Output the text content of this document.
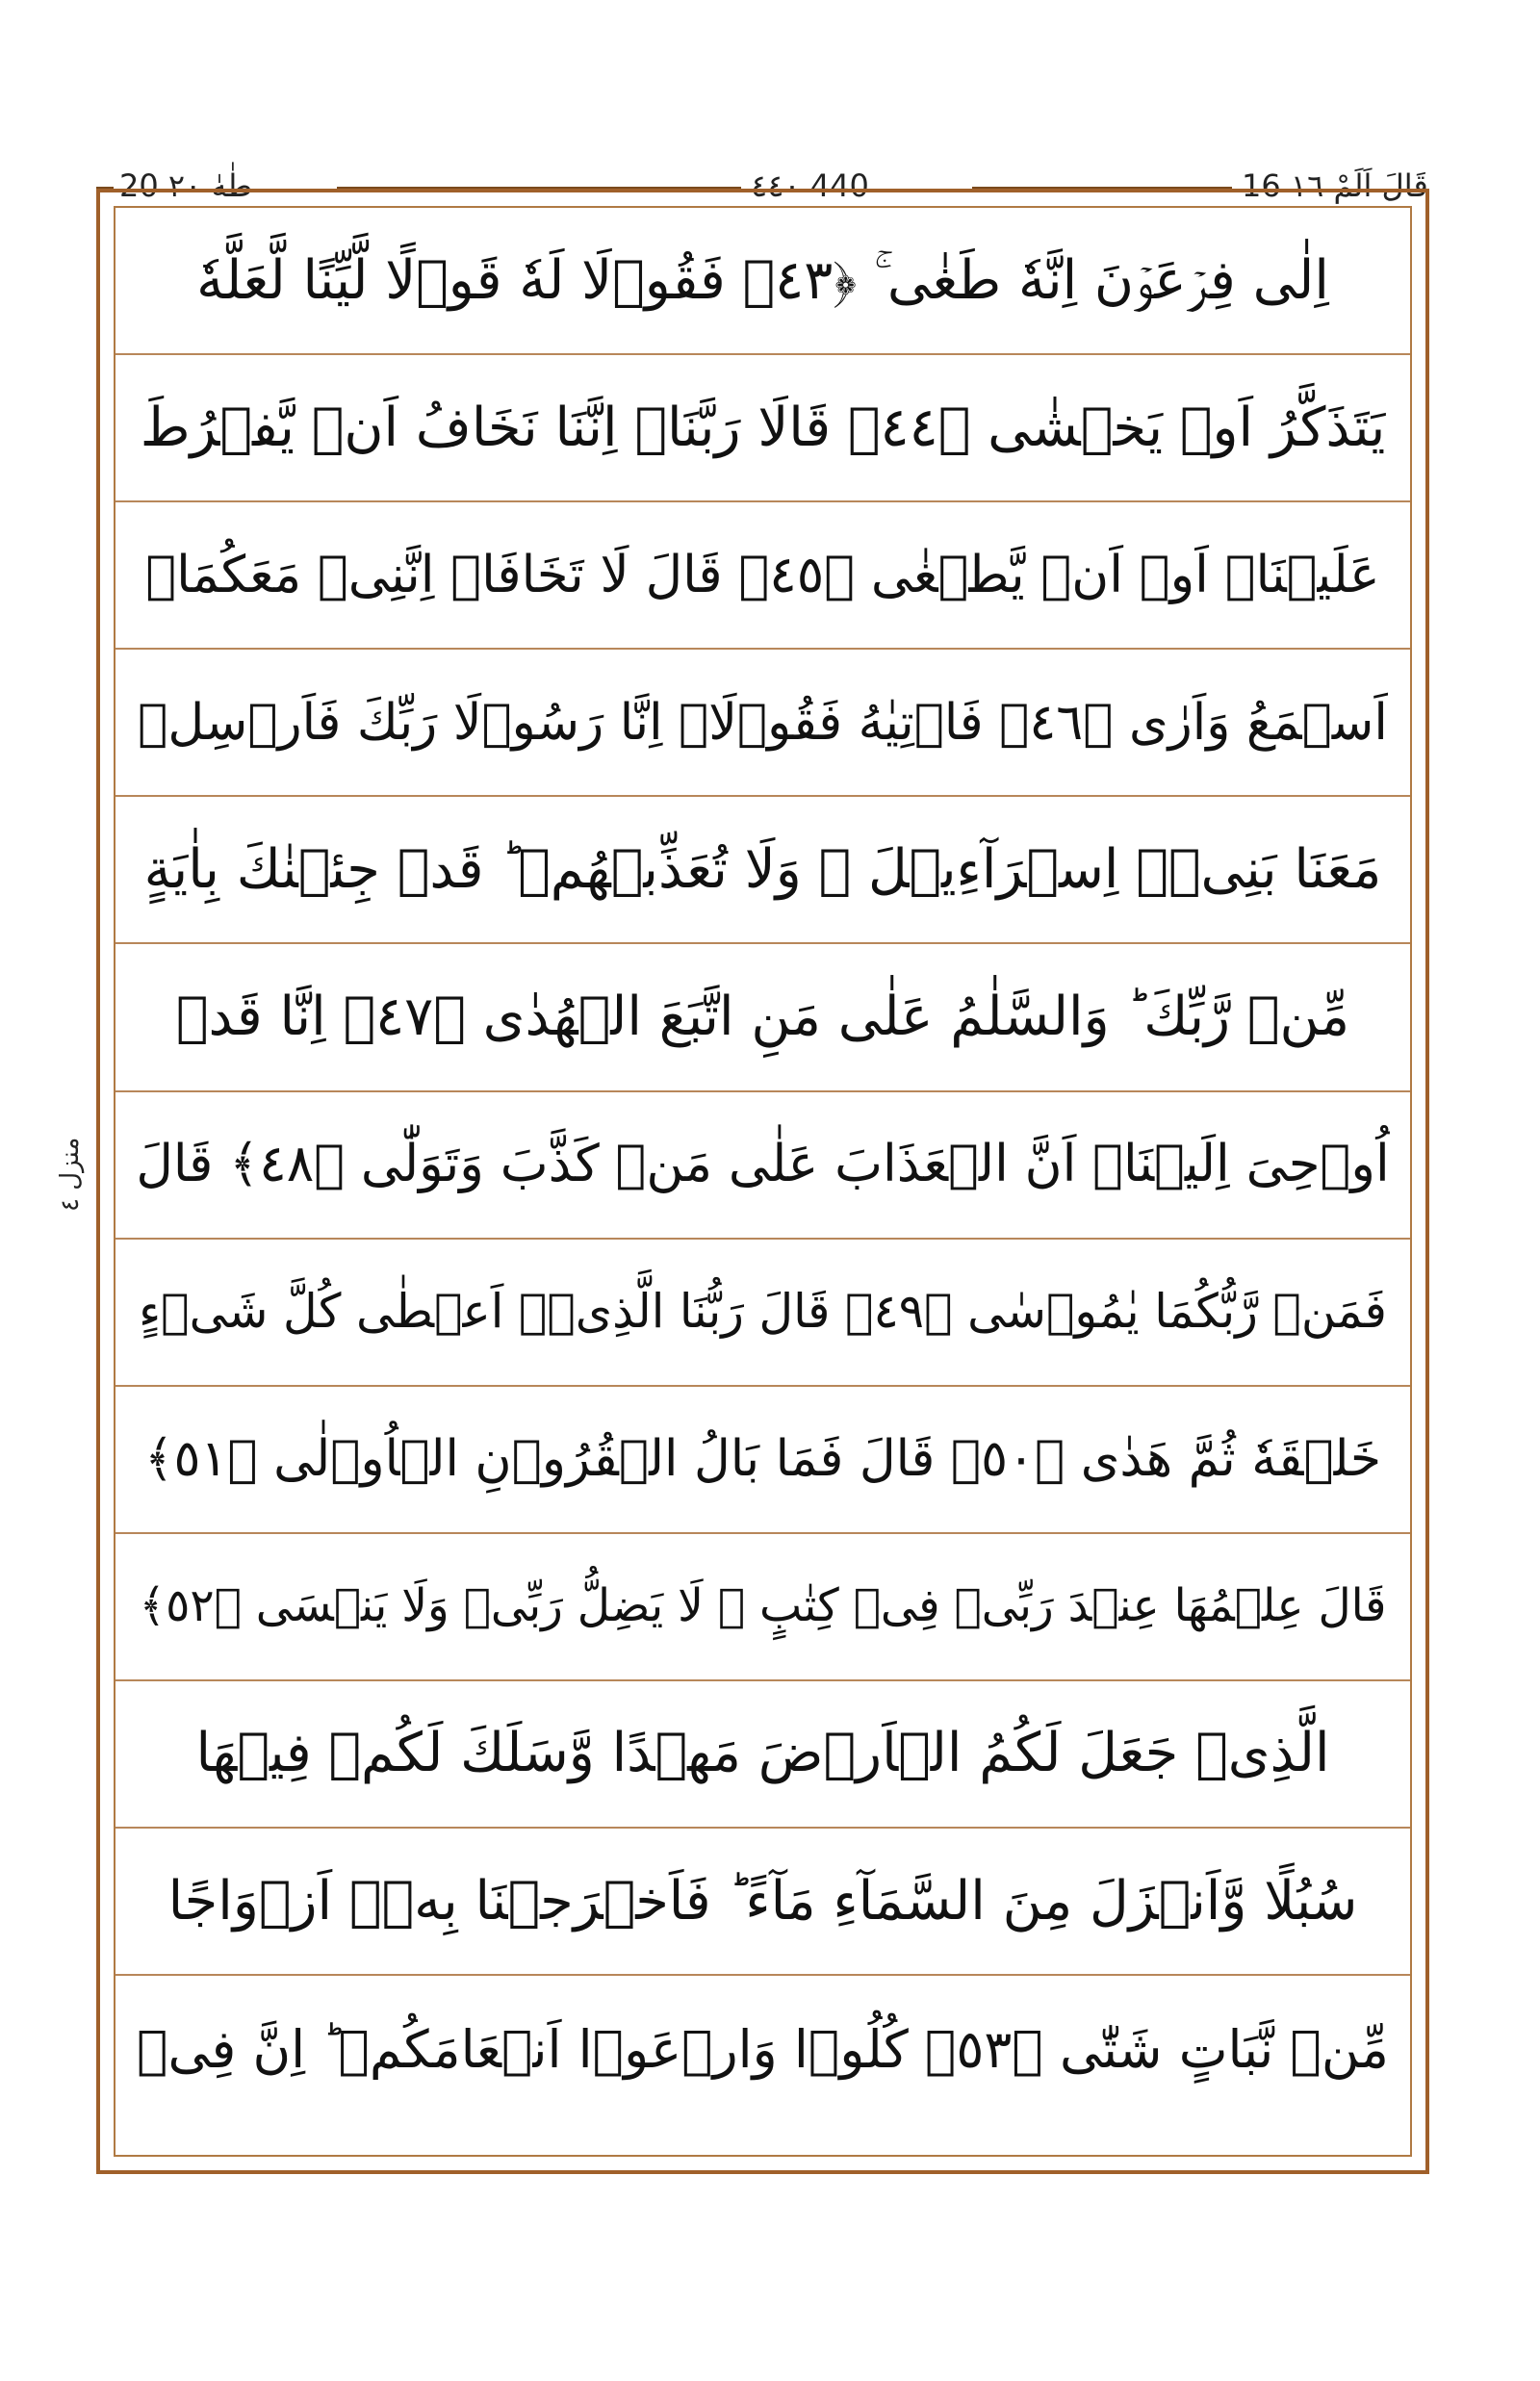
20 طٰهٰ ٢٠	٤٤٠ 440	16 قَالَ اَلَمْ ١٦
منزل ٤
اِلٰى فِرۡعَوۡنَ اِنَّهٗ طَغٰى ۚ ﴿٤٣﴾ فَقُوۡلَا لَهٗ قَوۡلًا لَّيِّنًا لَّعَلَّهٗ
يَتَذَكَّرُ اَوۡ يَخۡشٰى ﴿٤٤﴾ قَالَا رَبَّنَاۤ اِنَّنَا نَخَافُ اَنۡ يَّفۡرُطَ
عَلَيۡنَاۤ اَوۡ اَنۡ يَّطۡغٰى ﴿٤٥﴾ قَالَ لَا تَخَافَاۤ اِنَّنِىۡ مَعَكُمَاۤ
اَسۡمَعُ وَاَرٰى ﴿٤٦﴾ فَاۡتِيٰهُ فَقُوۡلَاۤ اِنَّا رَسُوۡلَا رَبِّكَ فَاَرۡسِلۡ
مَعَنَا بَنِىۡۤ اِسۡرَآءِيۡلَ ۙ وَلَا تُعَذِّبۡهُمۡ ؕ قَدۡ جِئۡنٰكَ بِاٰيَةٍ
مِّنۡ رَّبِّكَ ؕ وَالسَّلٰمُ عَلٰى مَنِ اتَّبَعَ الۡهُدٰى ﴿٤٧﴾ اِنَّا قَدۡ
اُوۡحِىَ اِلَيۡنَاۤ اَنَّ الۡعَذَابَ عَلٰى مَنۡ كَذَّبَ وَتَوَلّٰى ﴿٤٨﴾ قَالَ
فَمَنۡ رَّبُّكُمَا يٰمُوۡسٰى ﴿٤٩﴾ قَالَ رَبُّنَا الَّذِىۡۤ اَعۡطٰى كُلَّ شَىۡءٍ
خَلۡقَهٗ ثُمَّ هَدٰى ﴿٥٠﴾ قَالَ فَمَا بَالُ الۡقُرُوۡنِ الۡاُوۡلٰى ﴿٥١﴾
قَالَ عِلۡمُهَا عِنۡدَ رَبِّىۡ فِىۡ كِتٰبٍ ۚ لَا يَضِلُّ رَبِّىۡ وَلَا يَنۡسَى ﴿٥٢﴾
الَّذِىۡ جَعَلَ لَكُمُ الۡاَرۡضَ مَهۡدًا وَّسَلَكَ لَكُمۡ فِيۡهَا
سُبُلًا وَّاَنۡزَلَ مِنَ السَّمَآءِ مَآءً ؕ فَاَخۡرَجۡنَا بِهٖۤ اَزۡوَاجًا
مِّنۡ نَّبَاتٍ شَتّٰى ﴿٥٣﴾ كُلُوۡا وَارۡعَوۡا اَنۡعَامَكُمۡ ؕ اِنَّ فِىۡ
